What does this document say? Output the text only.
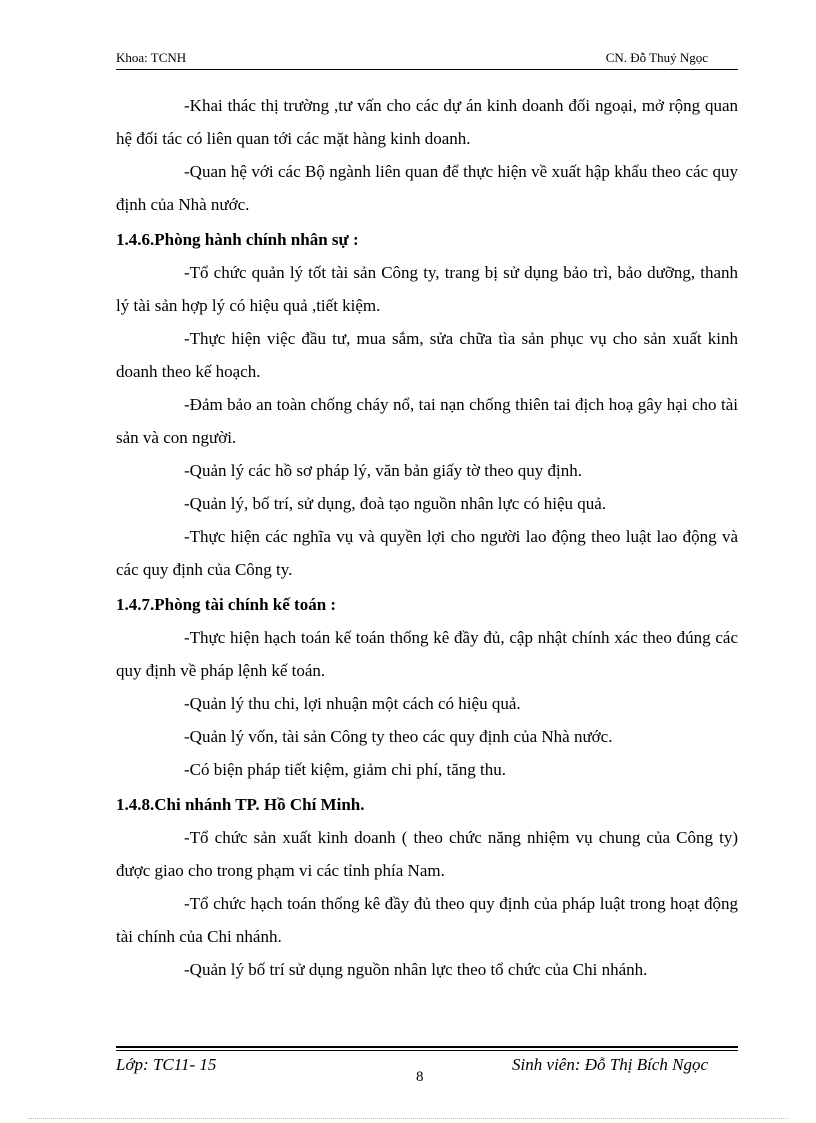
Khoa: TCNH	CN. Đỗ Thuý Ngọc

-Khai thác thị trường ,tư vấn cho các dự án kinh doanh đối ngoại, mở rộng quan hệ đối tác có liên quan tới các mặt hàng kinh doanh.

-Quan hệ với các Bộ ngành liên quan để thực hiện về xuất hập khẩu theo các quy định của Nhà nước.

1.4.6.Phòng hành chính nhân sự :

-Tổ chức quản lý tốt tài sản Công ty, trang bị sử dụng bảo trì, bảo dưỡng, thanh lý tài sản hợp lý có hiệu quả ,tiết kiệm.

-Thực hiện việc đầu tư, mua sắm, sửa chữa tìa sản phục vụ cho sản xuất kinh doanh theo kế hoạch.

-Đảm bảo an toàn chống cháy nổ, tai nạn chống thiên tai địch hoạ gây hại cho tài sản và con người.

-Quản lý các hồ sơ pháp lý, văn bản giấy tờ theo quy định.

-Quản lý, bố trí, sử dụng, đoà tạo nguồn nhân lực có hiệu quả.

-Thực hiện các nghĩa vụ và quyền lợi cho người lao động theo luật lao động và các quy định của Công ty.

1.4.7.Phòng tài chính kế toán :

-Thực hiện hạch toán kế toán thống kê đầy đủ, cập nhật chính xác theo đúng các quy định về pháp lệnh kế toán.

-Quản lý thu chi, lợi nhuận một cách có hiệu quả.

-Quản lý vốn, tài sản Công ty theo các quy định của Nhà nước.

-Có biện pháp tiết kiệm, giảm chi phí, tăng thu.

1.4.8.Chi nhánh TP. Hồ Chí Minh.

-Tổ chức sản xuất kinh doanh ( theo chức năng nhiệm vụ chung của Công ty) được giao cho trong phạm vi các tỉnh phía Nam.

-Tổ chức hạch toán thống kê đầy đủ theo quy định của pháp luật trong hoạt động tài chính của Chi nhánh.

-Quản lý bố trí sử dụng nguồn nhân lực theo tổ chức của Chi nhánh.

Lớp: TC11- 15	Sinh viên: Đỗ Thị Bích Ngọc
8
